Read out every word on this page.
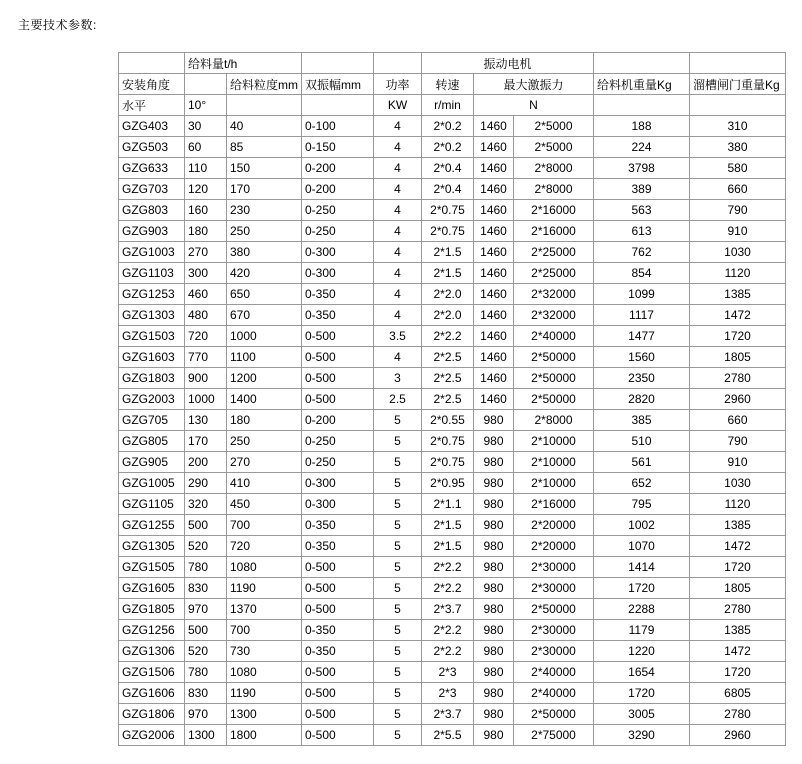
主要技术参数:
	给料量t/h				振动电机				
安装角度		给料粒度mm	双振幅mm	功率	转速	最大激振力		给料机重量Kg	溜槽闸门重量Kg
水平	10°			KW	r/min	N			
GZG403	30	40	0-100	4	2*0.2	1460	2*5000	188	310
GZG503	60	85	0-150	4	2*0.2	1460	2*5000	224	380
GZG633	110	150	0-200	4	2*0.4	1460	2*8000	3798	580
GZG703	120	170	0-200	4	2*0.4	1460	2*8000	389	660
GZG803	160	230	0-250	4	2*0.75	1460	2*16000	563	790
GZG903	180	250	0-250	4	2*0.75	1460	2*16000	613	910
GZG1003	270	380	0-300	4	2*1.5	1460	2*25000	762	1030
GZG1103	300	420	0-300	4	2*1.5	1460	2*25000	854	1120
GZG1253	460	650	0-350	4	2*2.0	1460	2*32000	1099	1385
GZG1303	480	670	0-350	4	2*2.0	1460	2*32000	1117	1472
GZG1503	720	1000	0-500	3.5	2*2.2	1460	2*40000	1477	1720
GZG1603	770	1100	0-500	4	2*2.5	1460	2*50000	1560	1805
GZG1803	900	1200	0-500	3	2*2.5	1460	2*50000	2350	2780
GZG2003	1000	1400	0-500	2.5	2*2.5	1460	2*50000	2820	2960
GZG705	130	180	0-200	5	2*0.55	980	2*8000	385	660
GZG805	170	250	0-250	5	2*0.75	980	2*10000	510	790
GZG905	200	270	0-250	5	2*0.75	980	2*10000	561	910
GZG1005	290	410	0-300	5	2*0.95	980	2*10000	652	1030
GZG1105	320	450	0-300	5	2*1.1	980	2*16000	795	1120
GZG1255	500	700	0-350	5	2*1.5	980	2*20000	1002	1385
GZG1305	520	720	0-350	5	2*1.5	980	2*20000	1070	1472
GZG1505	780	1080	0-500	5	2*2.2	980	2*30000	1414	1720
GZG1605	830	1190	0-500	5	2*2.2	980	2*30000	1720	1805
GZG1805	970	1370	0-500	5	2*3.7	980	2*50000	2288	2780
GZG1256	500	700	0-350	5	2*2.2	980	2*30000	1179	1385
GZG1306	520	730	0-350	5	2*2.2	980	2*30000	1220	1472
GZG1506	780	1080	0-500	5	2*3	980	2*40000	1654	1720
GZG1606	830	1190	0-500	5	2*3	980	2*40000	1720	6805
GZG1806	970	1300	0-500	5	2*3.7	980	2*50000	3005	2780
GZG2006	1300	1800	0-500	5	2*5.5	980	2*75000	3290	2960
